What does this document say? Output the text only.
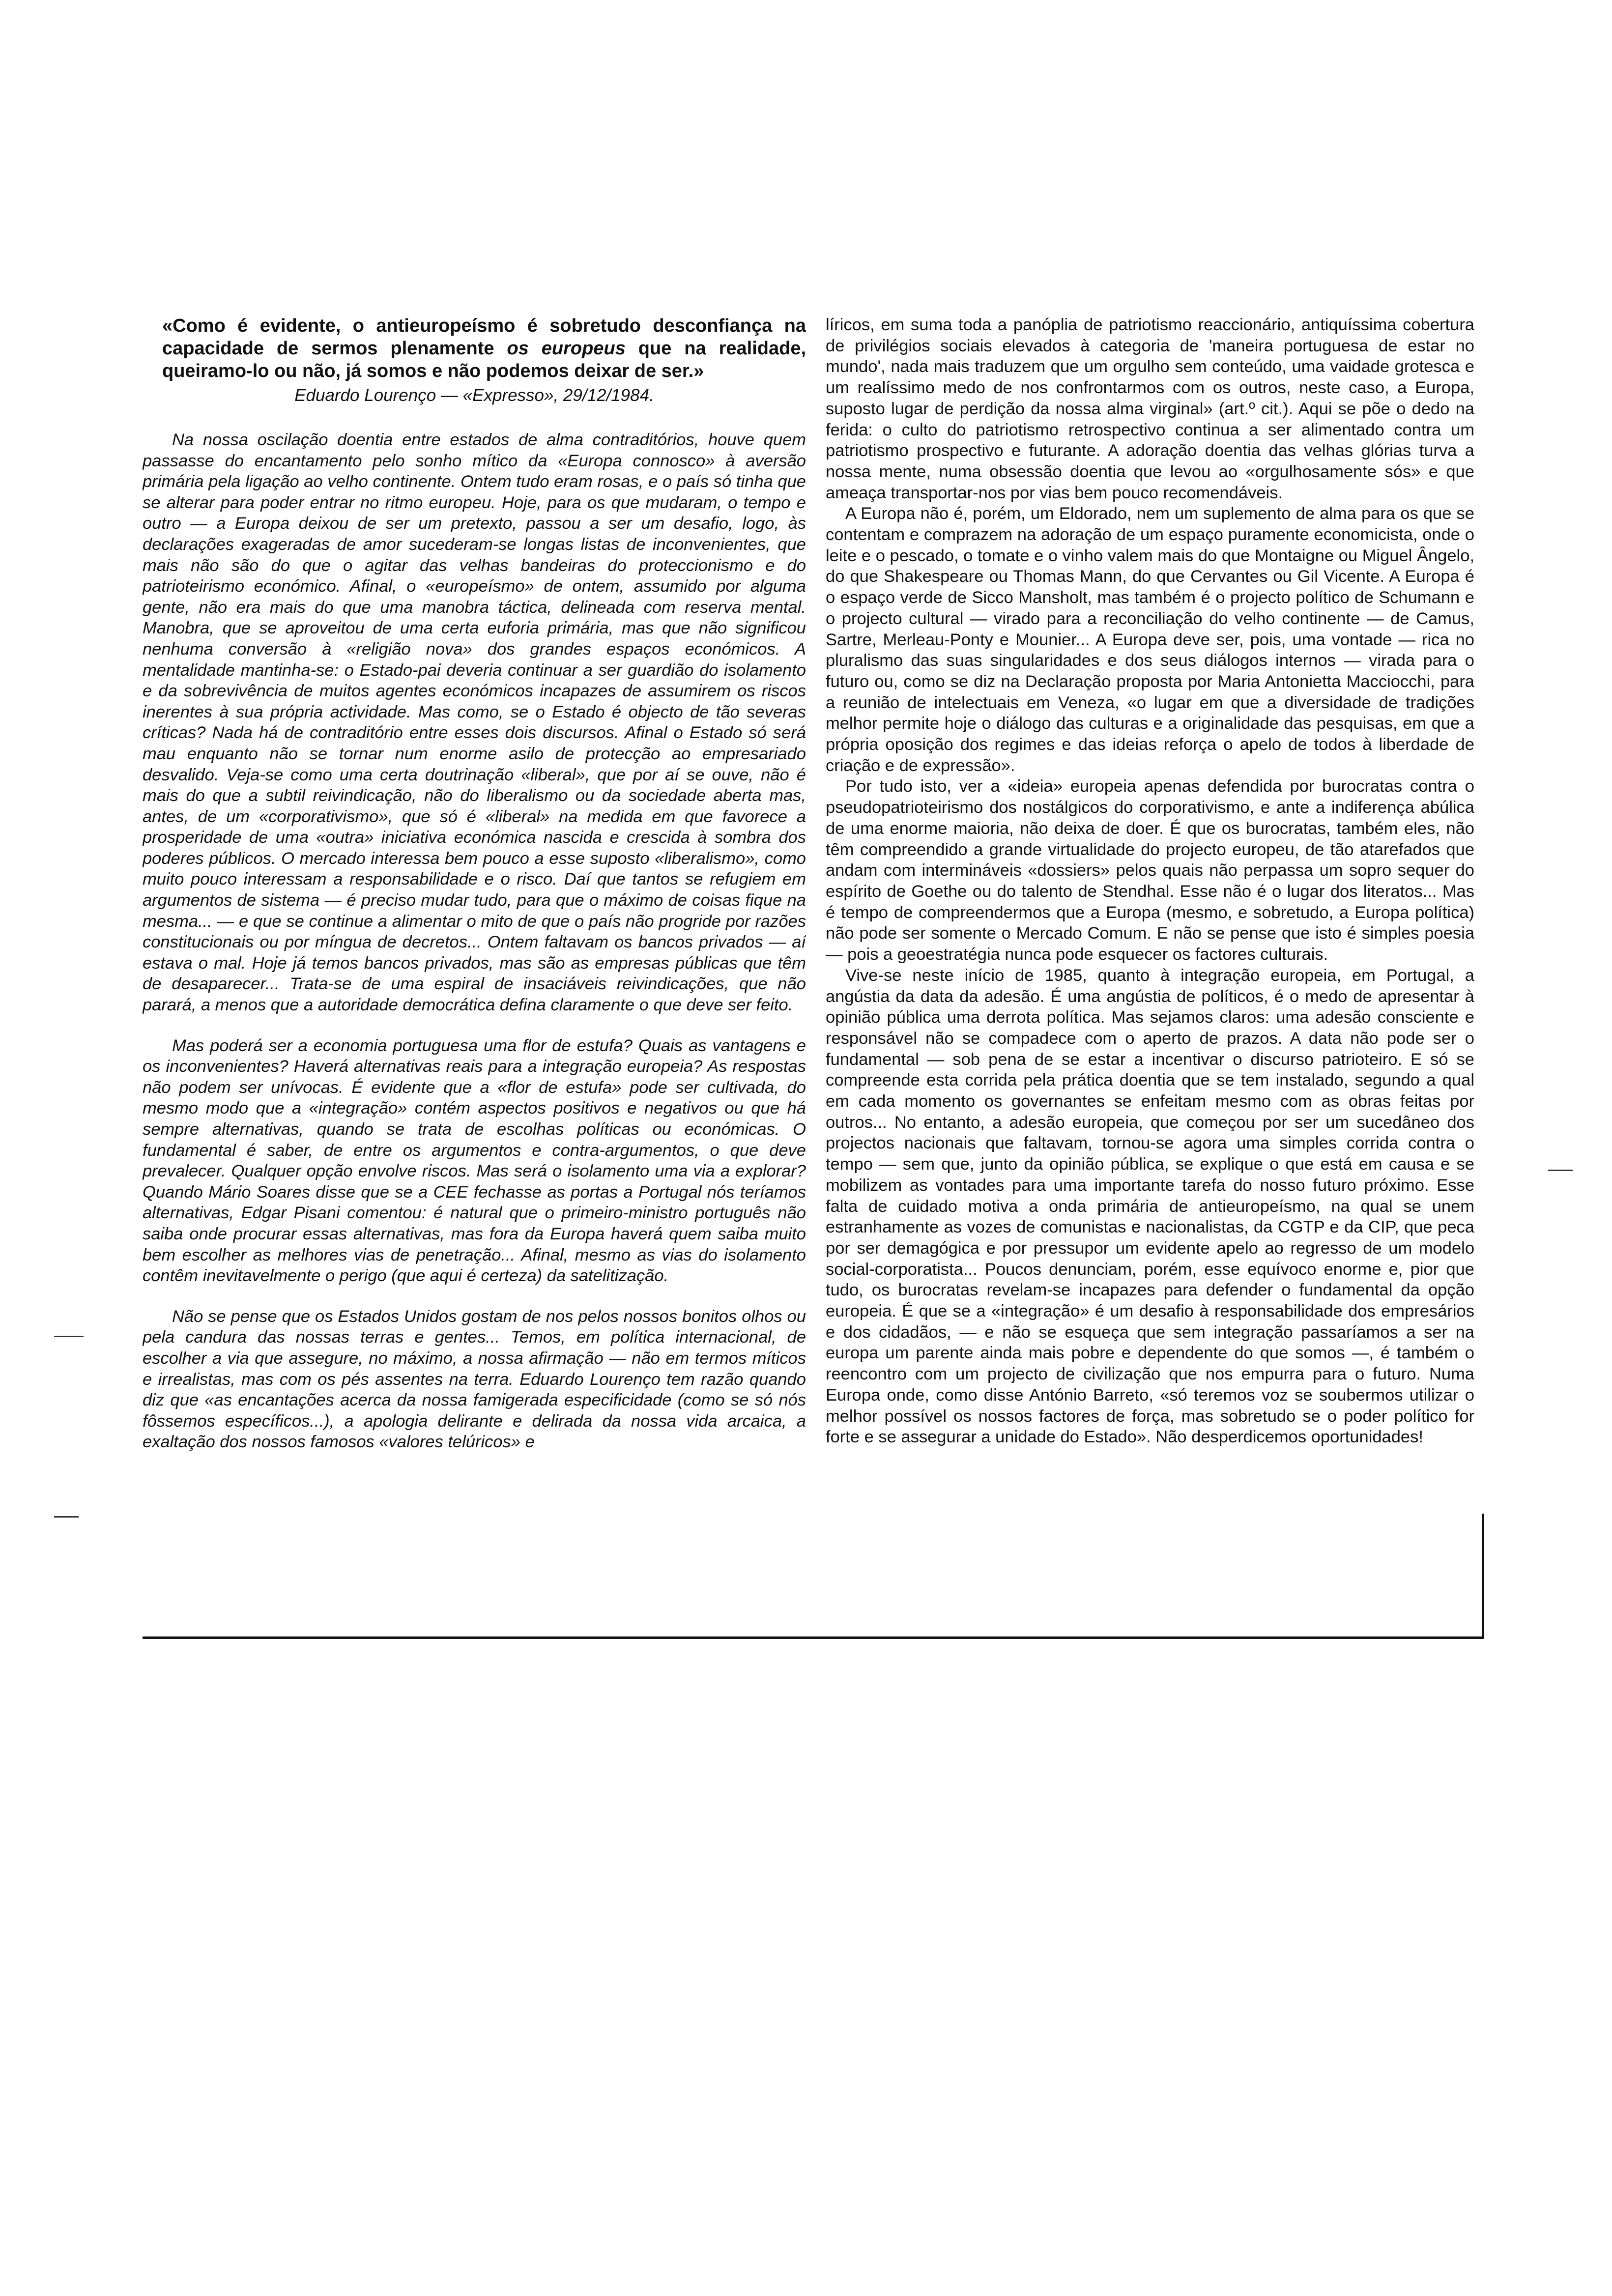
«Como é evidente, o antieuropeísmo é sobretudo desconfiança na capacidade de sermos plenamente os europeus que na realidade, queiramo-lo ou não, já somos e não podemos deixar de ser.»

Eduardo Lourenço — «Expresso», 29/12/1984.

Na nossa oscilação doentia entre estados de alma contraditórios, houve quem passasse do encantamento pelo sonho mítico da «Europa connosco» à aversão primária pela ligação ao velho continente. Ontem tudo eram rosas, e o país só tinha que se alterar para poder entrar no ritmo europeu. Hoje, para os que mudaram, o tempo e outro — a Europa deixou de ser um pretexto, passou a ser um desafio, logo, às declarações exageradas de amor sucederam-se longas listas de inconvenientes, que mais não são do que o agitar das velhas bandeiras do proteccionismo e do patrioteirismo económico. Afinal, o «europeísmo» de ontem, assumido por alguma gente, não era mais do que uma manobra táctica, delineada com reserva mental. Manobra, que se aproveitou de uma certa euforia primária, mas que não significou nenhuma conversão à «religião nova» dos grandes espaços económicos. A mentalidade mantinha-se: o Estado-pai deveria continuar a ser guardião do isolamento e da sobrevivência de muitos agentes económicos incapazes de assumirem os riscos inerentes à sua própria actividade. Mas como, se o Estado é objecto de tão severas críticas? Nada há de contraditório entre esses dois discursos. Afinal o Estado só será mau enquanto não se tornar num enorme asilo de protecção ao empresariado desvalido. Veja-se como uma certa doutrinação «liberal», que por aí se ouve, não é mais do que a subtil reivindicação, não do liberalismo ou da sociedade aberta mas, antes, de um «corporativismo», que só é «liberal» na medida em que favorece a prosperidade de uma «outra» iniciativa económica nascida e crescida à sombra dos poderes públicos. O mercado interessa bem pouco a esse suposto «liberalismo», como muito pouco interessam a responsabilidade e o risco. Daí que tantos se refugiem em argumentos de sistema — é preciso mudar tudo, para que o máximo de coisas fique na mesma... — e que se continue a alimentar o mito de que o país não progride por razões constitucionais ou por míngua de decretos... Ontem faltavam os bancos privados — aí estava o mal. Hoje já temos bancos privados, mas são as empresas públicas que têm de desaparecer... Trata-se de uma espiral de insaciáveis reivindicações, que não parará, a menos que a autoridade democrática defina claramente o que deve ser feito.

Mas poderá ser a economia portuguesa uma flor de estufa? Quais as vantagens e os inconvenientes? Haverá alternativas reais para a integração europeia? As respostas não podem ser unívocas. É evidente que a «flor de estufa» pode ser cultivada, do mesmo modo que a «integração» contém aspectos positivos e negativos ou que há sempre alternativas, quando se trata de escolhas políticas ou económicas. O fundamental é saber, de entre os argumentos e contra-argumentos, o que deve prevalecer. Qualquer opção envolve riscos. Mas será o isolamento uma via a explorar? Quando Mário Soares disse que se a CEE fechasse as portas a Portugal nós teríamos alternativas, Edgar Pisani comentou: é natural que o primeiro-ministro português não saiba onde procurar essas alternativas, mas fora da Europa haverá quem saiba muito bem escolher as melhores vias de penetração... Afinal, mesmo as vias do isolamento contêm inevitavelmente o perigo (que aqui é certeza) da satelitização.

Não se pense que os Estados Unidos gostam de nos pelos nossos bonitos olhos ou pela candura das nossas terras e gentes... Temos, em política internacional, de escolher a via que assegure, no máximo, a nossa afirmação — não em termos míticos e irrealistas, mas com os pés assentes na terra. Eduardo Lourenço tem razão quando diz que «as encantações acerca da nossa famigerada especificidade (como se só nós fôssemos específicos...), a apologia delirante e delirada da nossa vida arcaica, a exaltação dos nossos famosos «valores telúricos» e

líricos, em suma toda a panóplia de patriotismo reaccionário, antiquíssima cobertura de privilégios sociais elevados à categoria de 'maneira portuguesa de estar no mundo', nada mais traduzem que um orgulho sem conteúdo, uma vaidade grotesca e um realíssimo medo de nos confrontarmos com os outros, neste caso, a Europa, suposto lugar de perdição da nossa alma virginal» (art.º cit.). Aqui se põe o dedo na ferida: o culto do patriotismo retrospectivo continua a ser alimentado contra um patriotismo prospectivo e futurante. A adoração doentia das velhas glórias turva a nossa mente, numa obsessão doentia que levou ao «orgulhosamente sós» e que ameaça transportar-nos por vias bem pouco recomendáveis.

A Europa não é, porém, um Eldorado, nem um suplemento de alma para os que se contentam e comprazem na adoração de um espaço puramente economicista, onde o leite e o pescado, o tomate e o vinho valem mais do que Montaigne ou Miguel Ângelo, do que Shakespeare ou Thomas Mann, do que Cervantes ou Gil Vicente. A Europa é o espaço verde de Sicco Mansholt, mas também é o projecto político de Schumann e o projecto cultural — virado para a reconciliação do velho continente — de Camus, Sartre, Merleau-Ponty e Mounier... A Europa deve ser, pois, uma vontade — rica no pluralismo das suas singularidades e dos seus diálogos internos — virada para o futuro ou, como se diz na Declaração proposta por Maria Antonietta Macciocchi, para a reunião de intelectuais em Veneza, «o lugar em que a diversidade de tradições melhor permite hoje o diálogo das culturas e a originalidade das pesquisas, em que a própria oposição dos regimes e das ideias reforça o apelo de todos à liberdade de criação e de expressão».

Por tudo isto, ver a «ideia» europeia apenas defendida por burocratas contra o pseudopatrioteirismo dos nostálgicos do corporativismo, e ante a indiferença abúlica de uma enorme maioria, não deixa de doer. É que os burocratas, também eles, não têm compreendido a grande virtualidade do projecto europeu, de tão atarefados que andam com intermináveis «dossiers» pelos quais não perpassa um sopro sequer do espírito de Goethe ou do talento de Stendhal. Esse não é o lugar dos literatos... Mas é tempo de compreendermos que a Europa (mesmo, e sobretudo, a Europa política) não pode ser somente o Mercado Comum. E não se pense que isto é simples poesia — pois a geoestratégia nunca pode esquecer os factores culturais.

Vive-se neste início de 1985, quanto à integração europeia, em Portugal, a angústia da data da adesão. É uma angústia de políticos, é o medo de apresentar à opinião pública uma derrota política. Mas sejamos claros: uma adesão consciente e responsável não se compadece com o aperto de prazos. A data não pode ser o fundamental — sob pena de se estar a incentivar o discurso patrioteiro. E só se compreende esta corrida pela prática doentia que se tem instalado, segundo a qual em cada momento os governantes se enfeitam mesmo com as obras feitas por outros... No entanto, a adesão europeia, que começou por ser um sucedâneo dos projectos nacionais que faltavam, tornou-se agora uma simples corrida contra o tempo — sem que, junto da opinião pública, se explique o que está em causa e se mobilizem as vontades para uma importante tarefa do nosso futuro próximo. Esse falta de cuidado motiva a onda primária de antieuropeísmo, na qual se unem estranhamente as vozes de comunistas e nacionalistas, da CGTP e da CIP, que peca por ser demagógica e por pressupor um evidente apelo ao regresso de um modelo social-corporatista... Poucos denunciam, porém, esse equívoco enorme e, pior que tudo, os burocratas revelam-se incapazes para defender o fundamental da opção europeia. É que se a «integração» é um desafio à responsabilidade dos empresários e dos cidadãos, — e não se esqueça que sem integração passaríamos a ser na europa um parente ainda mais pobre e dependente do que somos —, é também o reencontro com um projecto de civilização que nos empurra para o futuro. Numa Europa onde, como disse António Barreto, «só teremos voz se soubermos utilizar o melhor possível os nossos factores de força, mas sobretudo se o poder político for forte e se assegurar a unidade do Estado». Não desperdicemos oportunidades!
